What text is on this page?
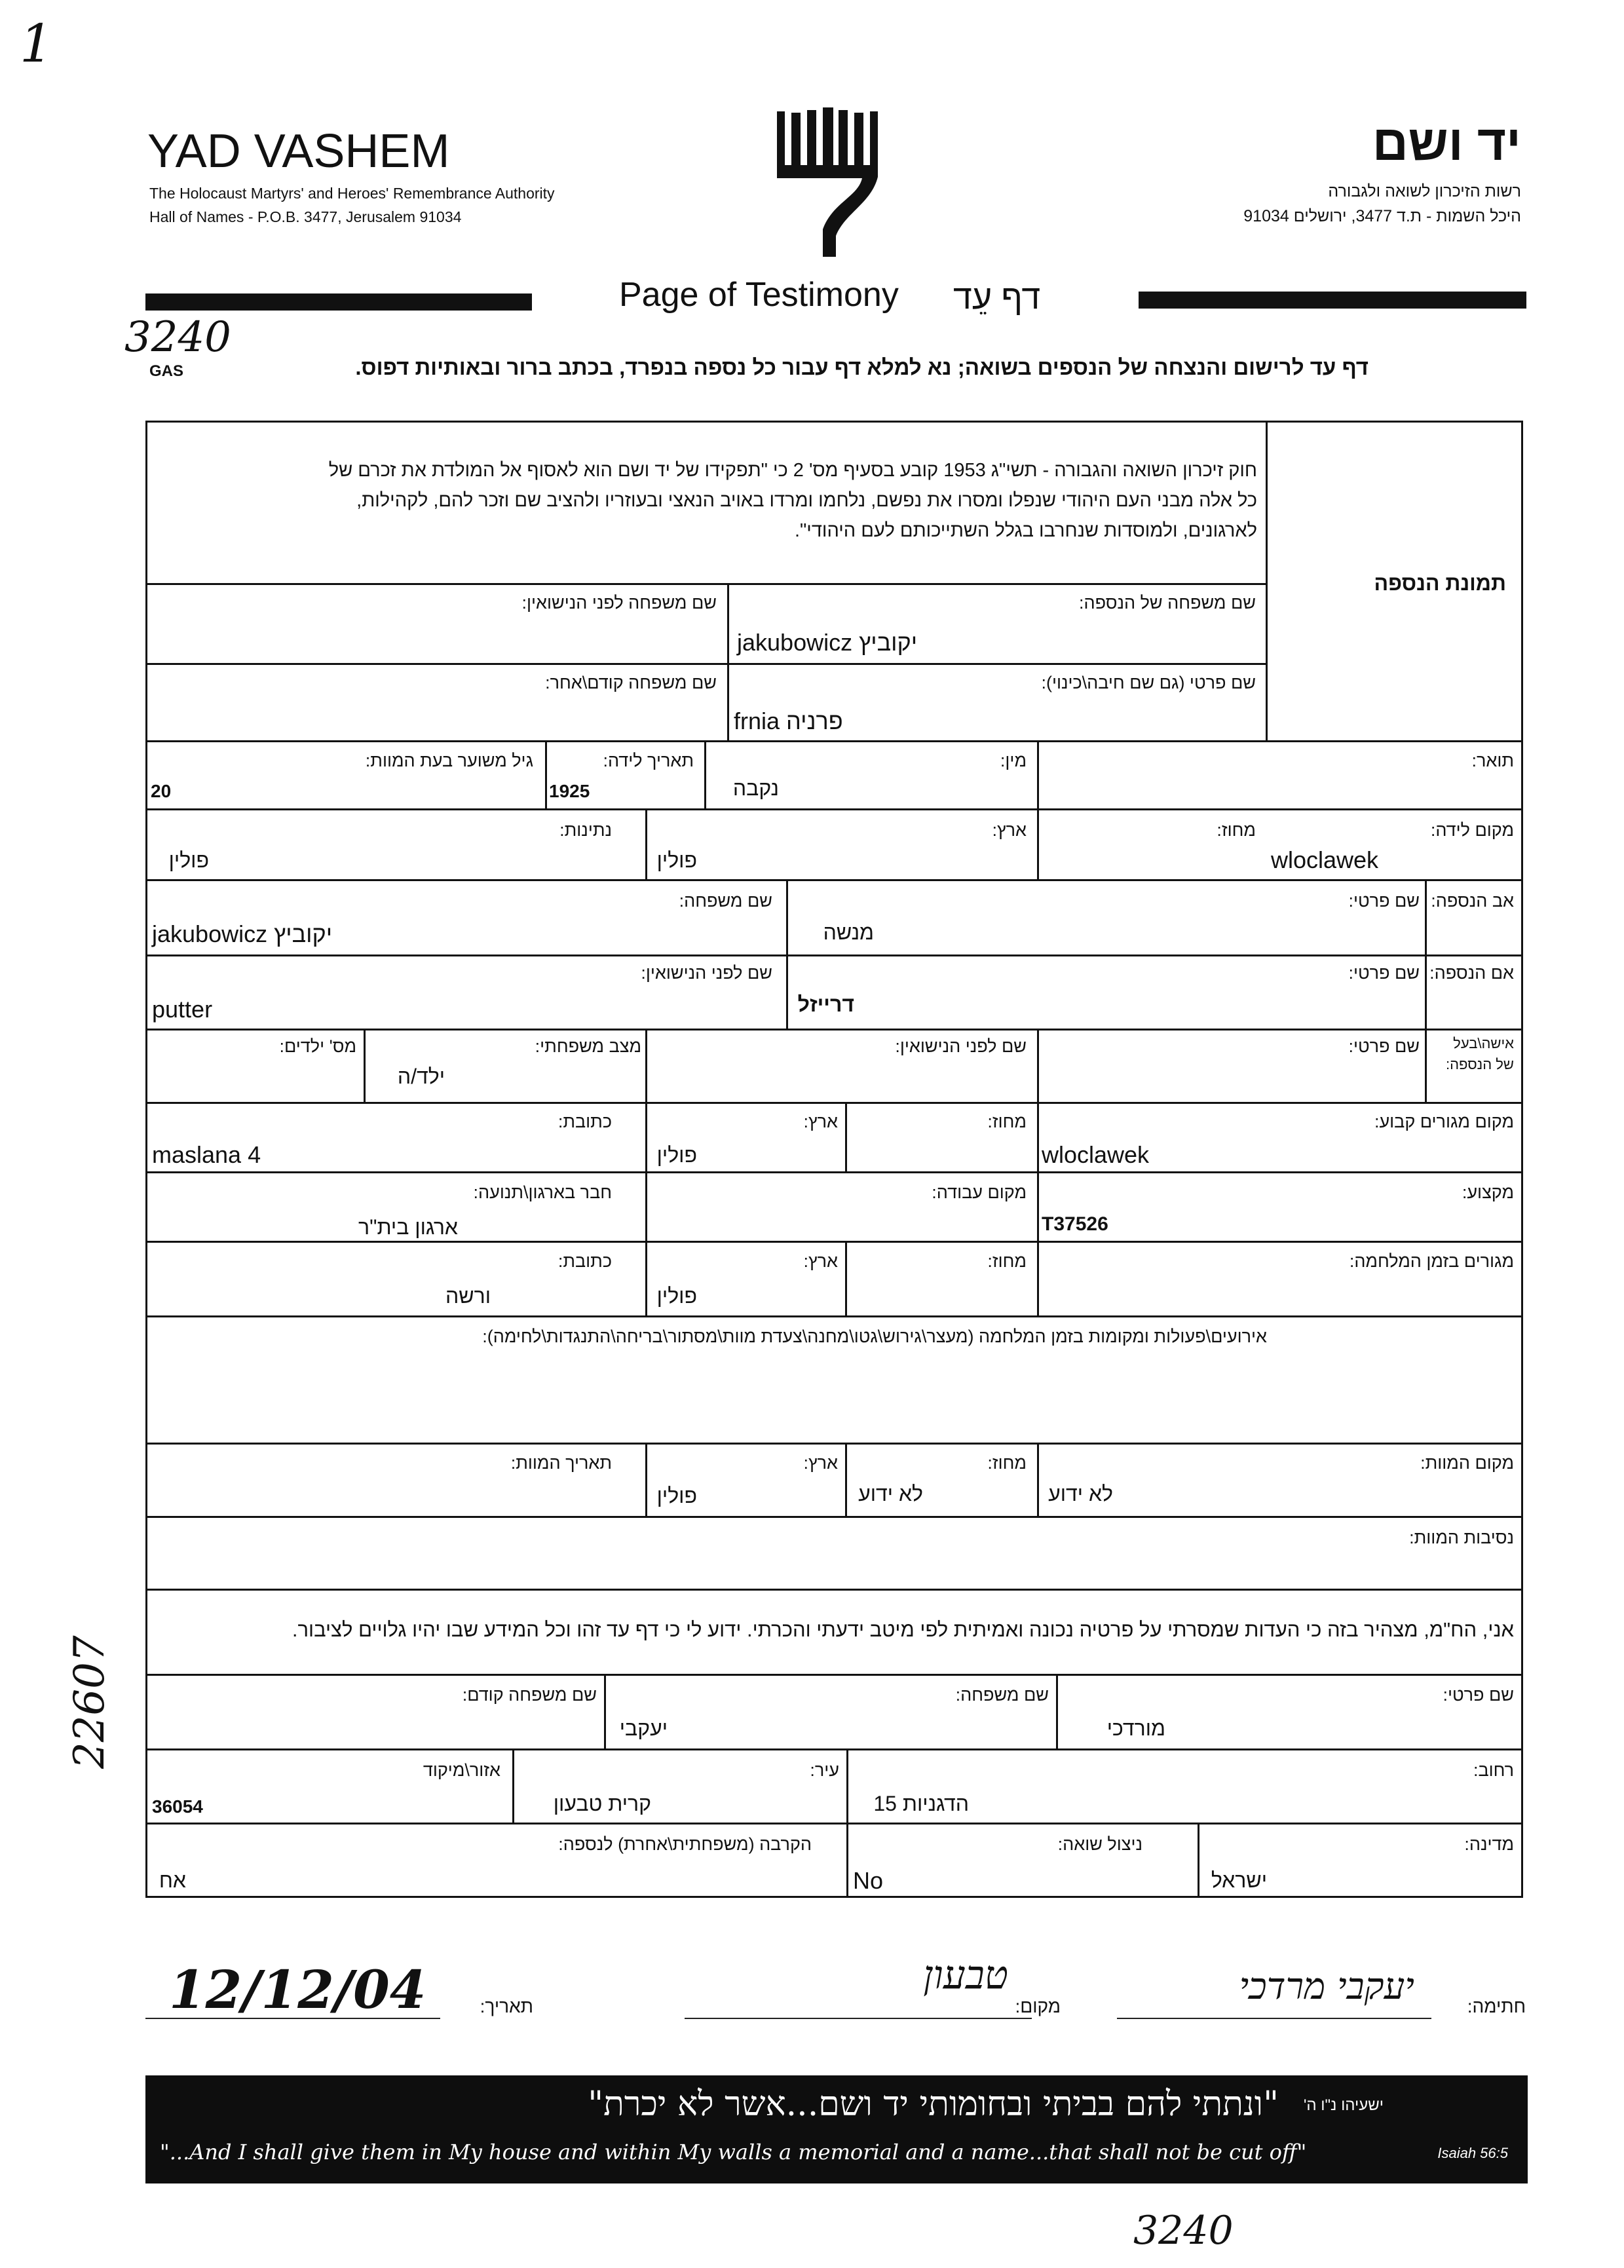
1
3240
GAS
22607
3240
YAD VASHEM
The Holocaust Martyrs' and Heroes' Remembrance Authority
Hall of Names - P.O.B. 3477, Jerusalem 91034
יד ושם
רשות הזיכרון לשואה ולגבורה
היכל השמות - ת.ד 3477, ירושלים 91034
Page of Testimony דף עֵד
דף עד לרישום והנצחה של הנספים בשואה; נא למלא דף עבור כל נספה בנפרד, בכתב ברור ובאותיות דפוס.
חוק זיכרון השואה והגבורה - תשי"ג 1953 קובע בסעיף מס' 2 כי "תפקידו של יד ושם הוא לאסוף אל המולדת את זכרם של
כל אלה מבני העם היהודי שנפלו ומסרו את נפשם, נלחמו ומרדו באויב הנאצי ובעוזריו ולהציב שם וזכר להם, לקהילות,
לארגונים, ולמוסדות שנחרבו בגלל השתייכותם לעם היהודי".
תמונת הנספה
שם משפחה של הנספה:
jakubowicz יקוביץ
שם משפחה לפני הנישואין:
שם פרטי (גם שם חיבה\כינוי):
frnia פרניה
שם משפחה קודם\אחר:
תואר:
מין:
נקבה
תאריך לידה:
1925
גיל משוער בעת המוות:
20
מקום לידה:
wloclawek
מחוז:
ארץ:
פולין
נתינות:
פולין
אב הנספה:
שם פרטי:
מנשה
שם משפחה:
jakubowicz יקוביץ
אם הנספה:
שם פרטי:
דרייזל
שם לפני הנישואין:
putter
אישה\בעל
של הנספה:
שם פרטי:
שם לפני הנישואין:
מצב משפחתי:
ילד/ה
מס' ילדים:
מקום מגורים קבוע:
wloclawek
מחוז:
ארץ:
פולין
כתובת:
maslana 4
מקצוע:
T37526
מקום עבודה:
חבר בארגון\תנועה:
ארגון בית"ר
מגורים בזמן המלחמה:
ורשה
מחוז:
ארץ:
פולין
כתובת:
אירועים\פעולות ומקומות בזמן המלחמה (מעצר\גירוש\גטו\מחנה\צעדת מוות\מסתור\בריחה\התנגדות\לחימה):
מקום המוות:
לא ידוע
מחוז:
לא ידוע
ארץ:
פולין
תאריך המוות:
נסיבות המוות:
אני, הח"מ, מצהיר בזה כי העדות שמסרתי על פרטיה נכונה ואמיתית לפי מיטב ידעתי והכרתי. ידוע לי כי דף עד זהו וכל המידע שבו יהיו גלויים לציבור.
שם פרטי:
מורדכי
שם משפחה:
יעקבי
שם משפחה קודם:
רחוב:
הדגניות 15
עיר:
קרית טבעון
אזור\מיקוד
36054
מדינה:
ישראל
ניצול שואה:
No
הקרבה (משפחתית\אחרת) לנספה:
אח
חתימה:
יעקבי מרדכי
מקום:
טבעון
תאריך:
12/12/04
"ונתתי להם בביתי ובחומותי יד ושם...אשר לא יכרת" ישעיהו נ"ו ה'
"...And I shall give them in My house and within My walls a memorial and a name...that shall not be cut off"	Isaiah 56:5
